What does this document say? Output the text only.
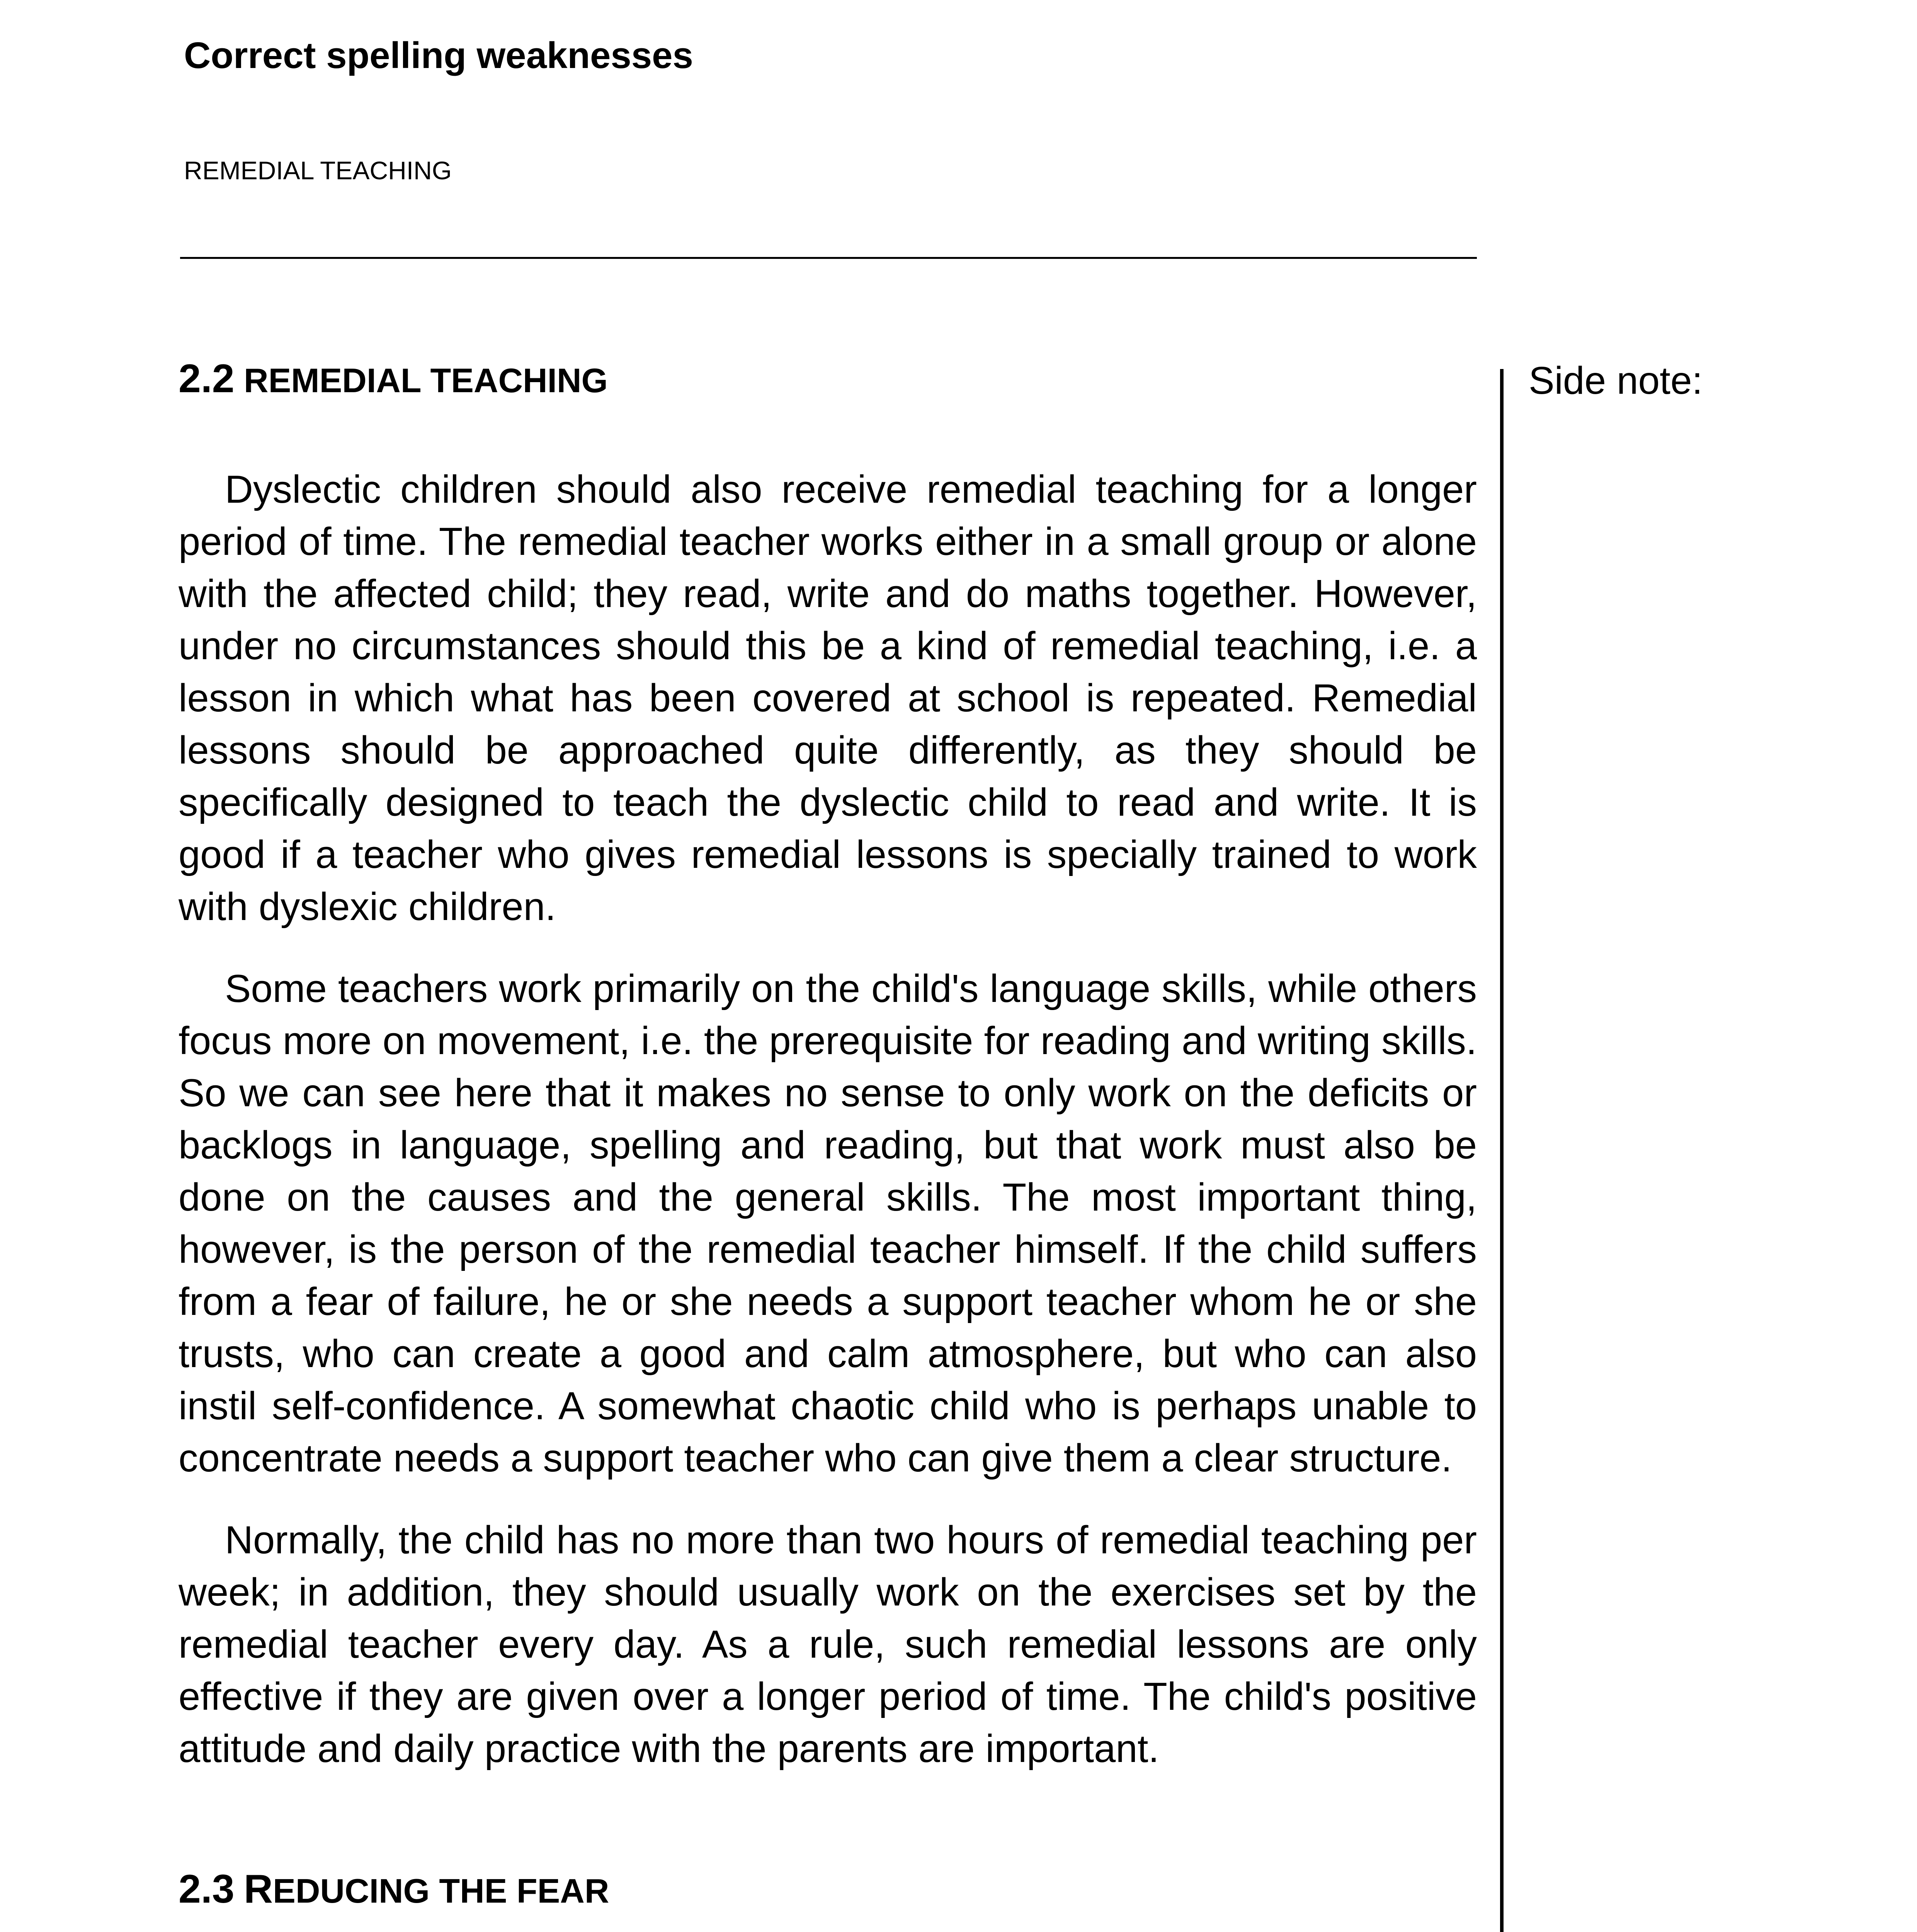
Correct spelling weaknesses
REMEDIAL TEACHING
Side note:
2.2 REMEDIAL TEACHING

Dyslectic children should also receive remedial teaching for a longer period of time. The remedial teacher works either in a small group or alone with the affected child; they read, write and do maths together. However, under no circumstances should this be a kind of remedial teaching, i.e. a lesson in which what has been covered at school is repeated. Remedial lessons should be approached quite differently, as they should be specifically designed to teach the dyslectic child to read and write. It is good if a teacher who gives remedial lessons is specially trained to work with dyslexic children.

Some teachers work primarily on the child's language skills, while others focus more on movement, i.e. the prerequisite for reading and writing skills. So we can see here that it makes no sense to only work on the deficits or backlogs in language, spelling and reading, but that work must also be done on the causes and the general skills. The most important thing, however, is the person of the remedial teacher himself. If the child suffers from a fear of failure, he or she needs a support teacher whom he or she trusts, who can create a good and calm atmosphere, but who can also instil self-confidence. A somewhat chaotic child who is perhaps unable to concentrate needs a support teacher who can give them a clear structure.

Normally, the child has no more than two hours of remedial teaching per week; in addition, they should usually work on the exercises set by the remedial teacher every day. As a rule, such remedial lessons are only effective if they are given over a longer period of time. The child's positive attitude and daily practice with the parents are important.

2.3 REDUCING THE FEAR
